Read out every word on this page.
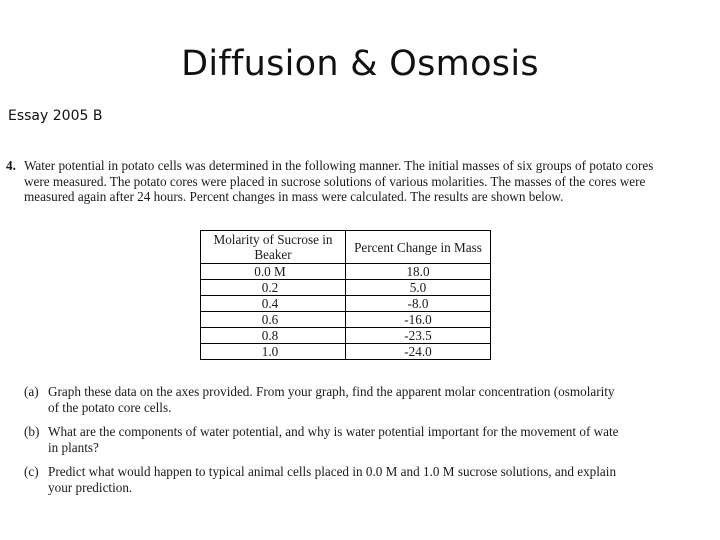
Diffusion & Osmosis
Essay 2005 B
4. Water potential in potato cells was determined in the following manner. The initial masses of six groups of potato cores were measured. The potato cores were placed in sucrose solutions of various molarities. The masses of the cores were measured again after 24 hours. Percent changes in mass were calculated. The results are shown below.
Molarity of Sucrose in Beaker	Percent Change in Mass
0.0 M	18.0
0.2	5.0
0.4	-8.0
0.6	-16.0
0.8	-23.5
1.0	-24.0
(a) Graph these data on the axes provided. From your graph, find the apparent molar concentration (osmolarity
of the potato core cells.
(b) What are the components of water potential, and why is water potential important for the movement of wate
in plants?
(c) Predict what would happen to typical animal cells placed in 0.0 M and 1.0 M sucrose solutions, and explain
your prediction.
